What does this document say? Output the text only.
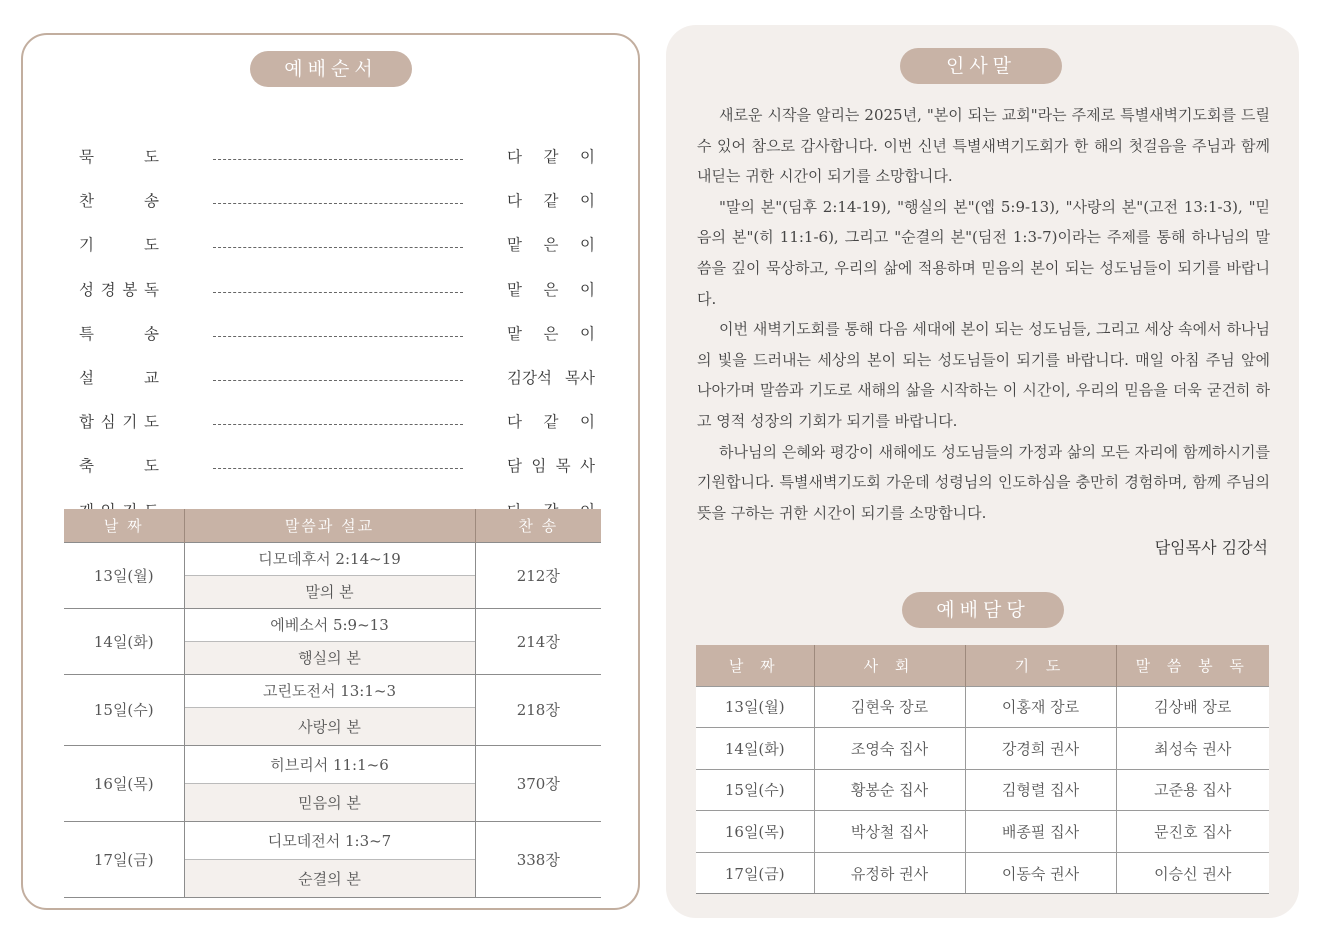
예배순서
묵	도	다 같 이
찬	송	다 같 이
기	도	맡 은 이
성 경 봉 독	맡 은 이
특	송	맡 은 이
설	교	김강석 목사
합 심 기 도	다 같 이
축	도	담 임 목 사
날 짜	말씀과 설교	찬 송
13일(월)	디모데후서 2:14~19	212장
	말의 본	
14일(화)	에베소서 5:9~13	214장
	행실의 본	
15일(수)	고린도전서 13:1~3	218장
	사랑의 본	
16일(목)	히브리서 11:1~6	370장
	믿음의 본	
17일(금)	디모데전서 1:3~7	338장
	순결의 본	
인사말

새로운 시작을 알리는 2025년, "본이 되는 교회"라는 주제로 특별새벽기도회를 드릴 수 있어 참으로 감사합니다. 이번 신년 특별새벽기도회가 한 해의 첫걸음을 주님과 함께 내딛는 귀한 시간이 되기를 소망합니다.

"말의 본"(딤후 2:14-19), "행실의 본"(엡 5:9-13), "사랑의 본"(고전 13:1-3), "믿음의 본"(히 11:1-6), 그리고 "순결의 본"(딤전 1:3-7)이라는 주제를 통해 하나님의 말씀을 깊이 묵상하고, 우리의 삶에 적용하며 믿음의 본이 되는 성도님들이 되기를 바랍니다.

이번 새벽기도회를 통해 다음 세대에 본이 되는 성도님들, 그리고 세상 속에서 하나님의 빛을 드러내는 세상의 본이 되는 성도님들이 되기를 바랍니다. 매일 아침 주님 앞에 나아가며 말씀과 기도로 새해의 삶을 시작하는 이 시간이, 우리의 믿음을 더욱 굳건히 하고 영적 성장의 기회가 되기를 바랍니다.

하나님의 은혜와 평강이 새해에도 성도님들의 가정과 삶의 모든 자리에 함께하시기를 기원합니다. 특별새벽기도회 가운데 성령님의 인도하심을 충만히 경험하며, 함께 주님의 뜻을 구하는 귀한 시간이 되기를 소망합니다.

담임목사 김강석
예배담당
날 짜	사 회	기 도	말 씀 봉 독
13일(월)	김현욱 장로	이홍재 장로	김상배 장로
14일(화)	조영숙 집사	강경희 권사	최성숙 권사
15일(수)	황봉순 집사	김형렬 집사	고준용 집사
16일(목)	박상철 집사	배종필 집사	문진호 집사
17일(금)	유정하 권사	이동숙 권사	이승신 권사
